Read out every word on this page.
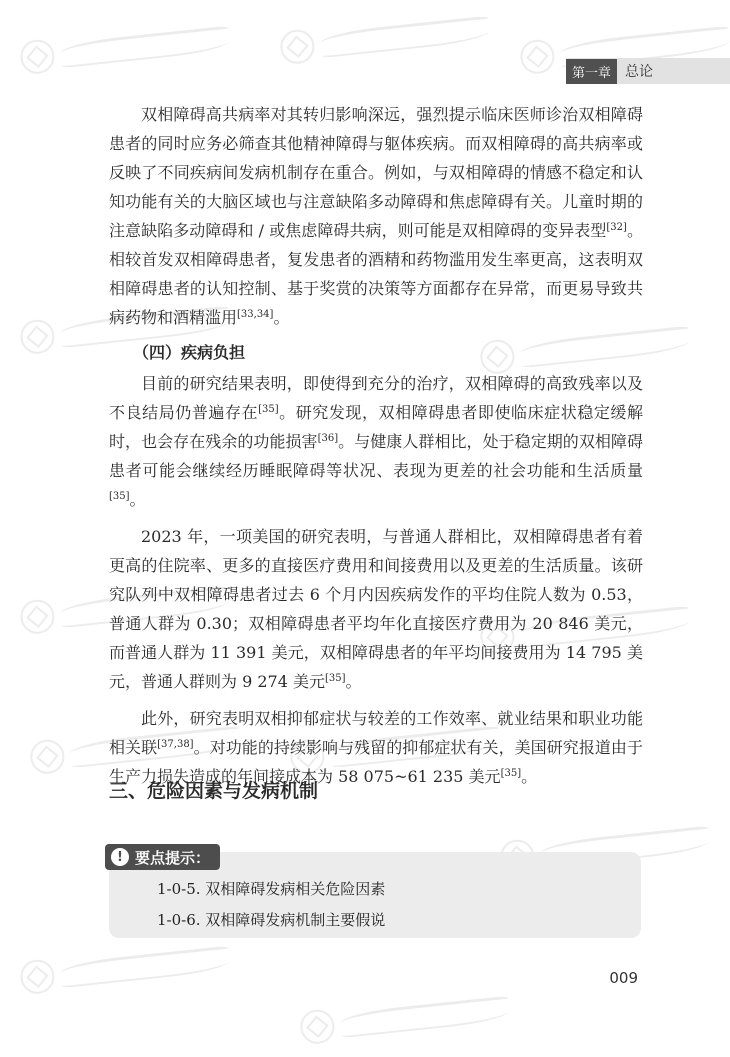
第一章	总论

双相障碍高共病率对其转归影响深远，强烈提示临床医师诊治双相障碍患者的同时应务必筛查其他精神障碍与躯体疾病。而双相障碍的高共病率或反映了不同疾病间发病机制存在重合。例如，与双相障碍的情感不稳定和认知功能有关的大脑区域也与注意缺陷多动障碍和焦虑障碍有关。儿童时期的注意缺陷多动障碍和 / 或焦虑障碍共病，则可能是双相障碍的变异表型[32]。相较首发双相障碍患者，复发患者的酒精和药物滥用发生率更高，这表明双相障碍患者的认知控制、基于奖赏的决策等方面都存在异常，而更易导致共病药物和酒精滥用[33,34]。

（四）疾病负担

目前的研究结果表明，即使得到充分的治疗，双相障碍的高致残率以及不良结局仍普遍存在[35]。研究发现，双相障碍患者即使临床症状稳定缓解时，也会存在残余的功能损害[36]。与健康人群相比，处于稳定期的双相障碍患者可能会继续经历睡眠障碍等状况、表现为更差的社会功能和生活质量[35]。

2023 年，一项美国的研究表明，与普通人群相比，双相障碍患者有着更高的住院率、更多的直接医疗费用和间接费用以及更差的生活质量。该研究队列中双相障碍患者过去 6 个月内因疾病发作的平均住院人数为 0.53，普通人群为 0.30；双相障碍患者平均年化直接医疗费用为 20 846 美元，而普通人群为 11 391 美元，双相障碍患者的年平均间接费用为 14 795 美元，普通人群则为 9 274 美元[35]。

此外，研究表明双相抑郁症状与较差的工作效率、就业结果和职业功能相关联[37,38]。对功能的持续影响与残留的抑郁症状有关，美国研究报道由于生产力损失造成的年间接成本为 58 075~61 235 美元[35]。

三、危险因素与发病机制
! 要点提示：
1-0-5. 双相障碍发病相关危险因素
1-0-6. 双相障碍发病机制主要假说
009
